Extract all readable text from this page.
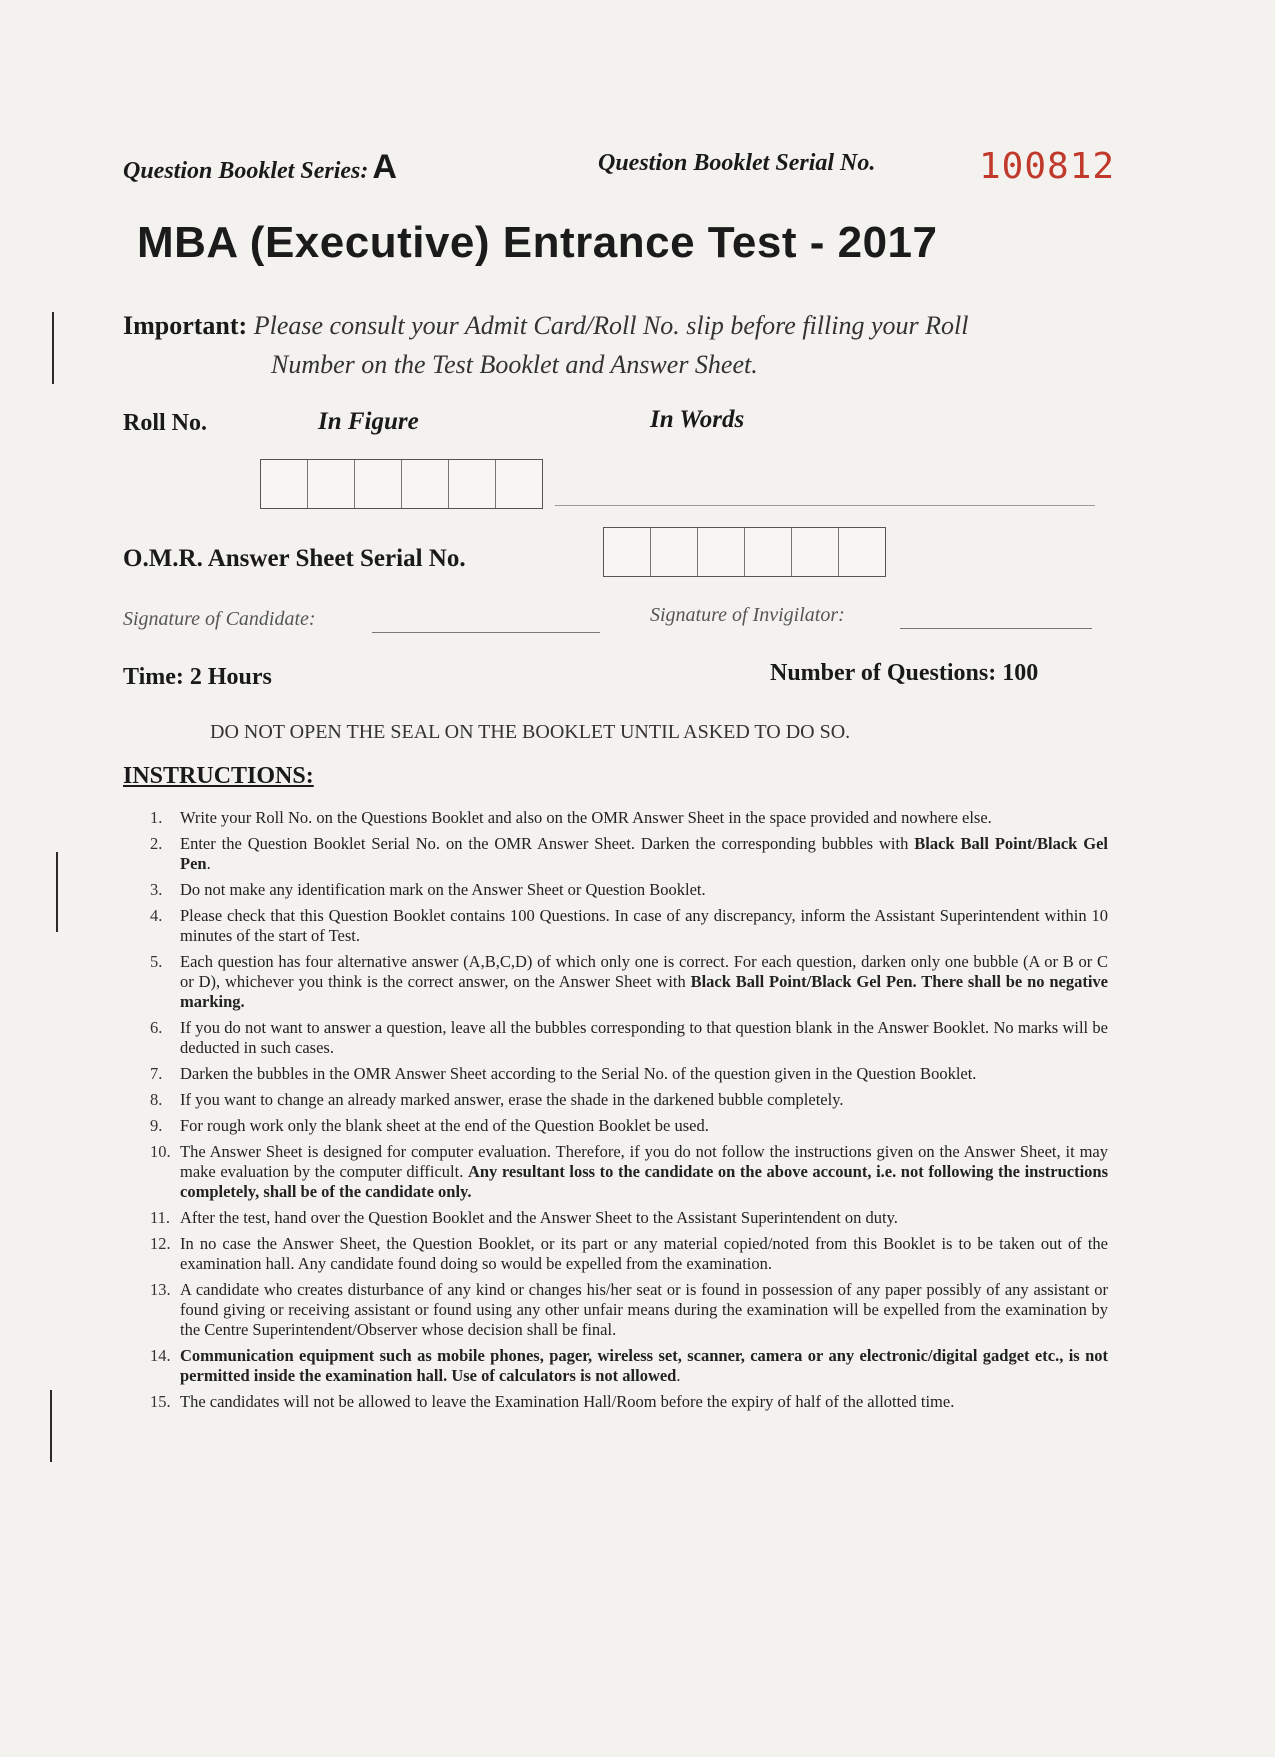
Question Booklet Series: A	Question Booklet Serial No.	100812
MBA (Executive) Entrance Test - 2017
Important: Please consult your Admit Card/Roll No. slip before filling your Roll
Number on the Test Booklet and Answer Sheet.
Roll No.	In Figure	In Words
O.M.R. Answer Sheet Serial No.
Signature of Candidate:	Signature of Invigilator:
Time: 2 Hours	Number of Questions: 100
DO NOT OPEN THE SEAL ON THE BOOKLET UNTIL ASKED TO DO SO.
INSTRUCTIONS:
1.	Write your Roll No. on the Questions Booklet and also on the OMR Answer Sheet in the space provided and nowhere else.
2.	Enter the Question Booklet Serial No. on the OMR Answer Sheet. Darken the corresponding bubbles with Black Ball Point/Black Gel Pen.
3.	Do not make any identification mark on the Answer Sheet or Question Booklet.
4.	Please check that this Question Booklet contains 100 Questions. In case of any discrepancy, inform the Assistant Superintendent within 10 minutes of the start of Test.
5.	Each question has four alternative answer (A,B,C,D) of which only one is correct. For each question, darken only one bubble (A or B or C or D), whichever you think is the correct answer, on the Answer Sheet with Black Ball Point/Black Gel Pen. There shall be no negative marking.
6.	If you do not want to answer a question, leave all the bubbles corresponding to that question blank in the Answer Booklet. No marks will be deducted in such cases.
7.	Darken the bubbles in the OMR Answer Sheet according to the Serial No. of the question given in the Question Booklet.
8.	If you want to change an already marked answer, erase the shade in the darkened bubble completely.
9.	For rough work only the blank sheet at the end of the Question Booklet be used.
10. The Answer Sheet is designed for computer evaluation. Therefore, if you do not follow the instructions given on the Answer Sheet, it may make evaluation by the computer difficult. Any resultant loss to the candidate on the above account, i.e. not following the instructions completely, shall be of the candidate only.
11. After the test, hand over the Question Booklet and the Answer Sheet to the Assistant Superintendent on duty.
12. In no case the Answer Sheet, the Question Booklet, or its part or any material copied/noted from this Booklet is to be taken out of the examination hall. Any candidate found doing so would be expelled from the examination.
13. A candidate who creates disturbance of any kind or changes his/her seat or is found in possession of any paper possibly of any assistant or found giving or receiving assistant or found using any other unfair means during the examination will be expelled from the examination by the Centre Superintendent/Observer whose decision shall be final.
14. Communication equipment such as mobile phones, pager, wireless set, scanner, camera or any electronic/digital gadget etc., is not permitted inside the examination hall. Use of calculators is not allowed.
15. The candidates will not be allowed to leave the Examination Hall/Room before the expiry of half of the allotted time.
